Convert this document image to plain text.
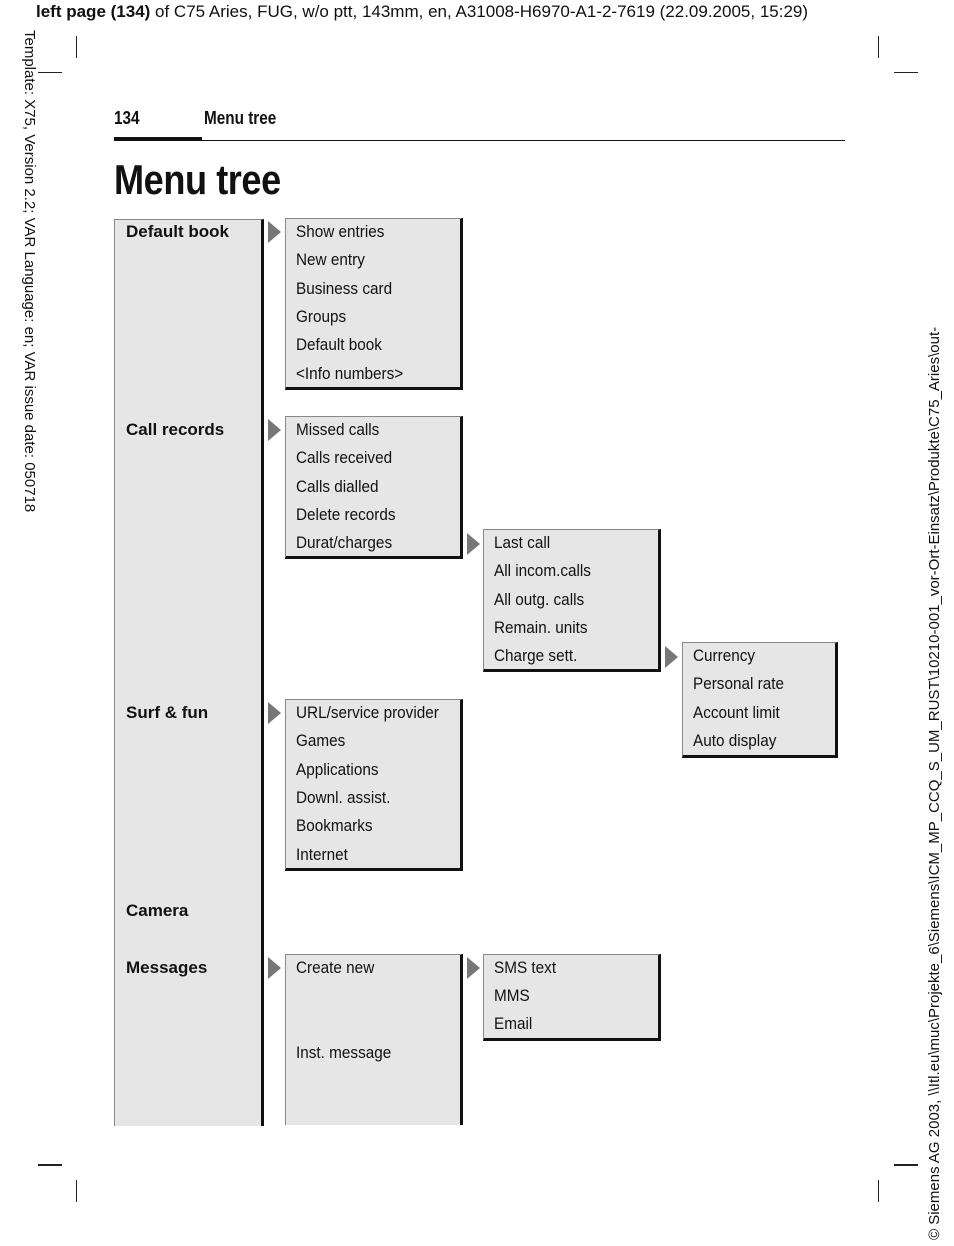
left page (134) of C75 Aries, FUG, w/o ptt, 143mm, en, A31008-H6970-A1-2-7619 (22.09.2005, 15:29)
Template: X75, Version 2.2; VAR Language: en; VAR issue date: 050718
© Siemens AG 2003, \\Itl.eu\muc\Projekte_6\Siemens\ICM_MP_CCQ_S_UM_RUST\10210-001_vor-Ort-Einsatz\Produkte\C75_Aries\out-
134	Menu tree
Menu tree
Default book
Call records
Surf & fun
Camera
Messages
Show entries
New entry
Business card
Groups
Default book
<Info numbers>
Missed calls
Calls received
Calls dialled
Delete records
Durat/charges	Last call
All incom.calls
All outg. calls
Remain. units
Charge sett.	Currency
Personal rate
Account limit
Auto display
URL/service provider
Games
Applications
Downl. assist.
Bookmarks
Internet
Create new
Inst. message
SMS text
MMS
Email
